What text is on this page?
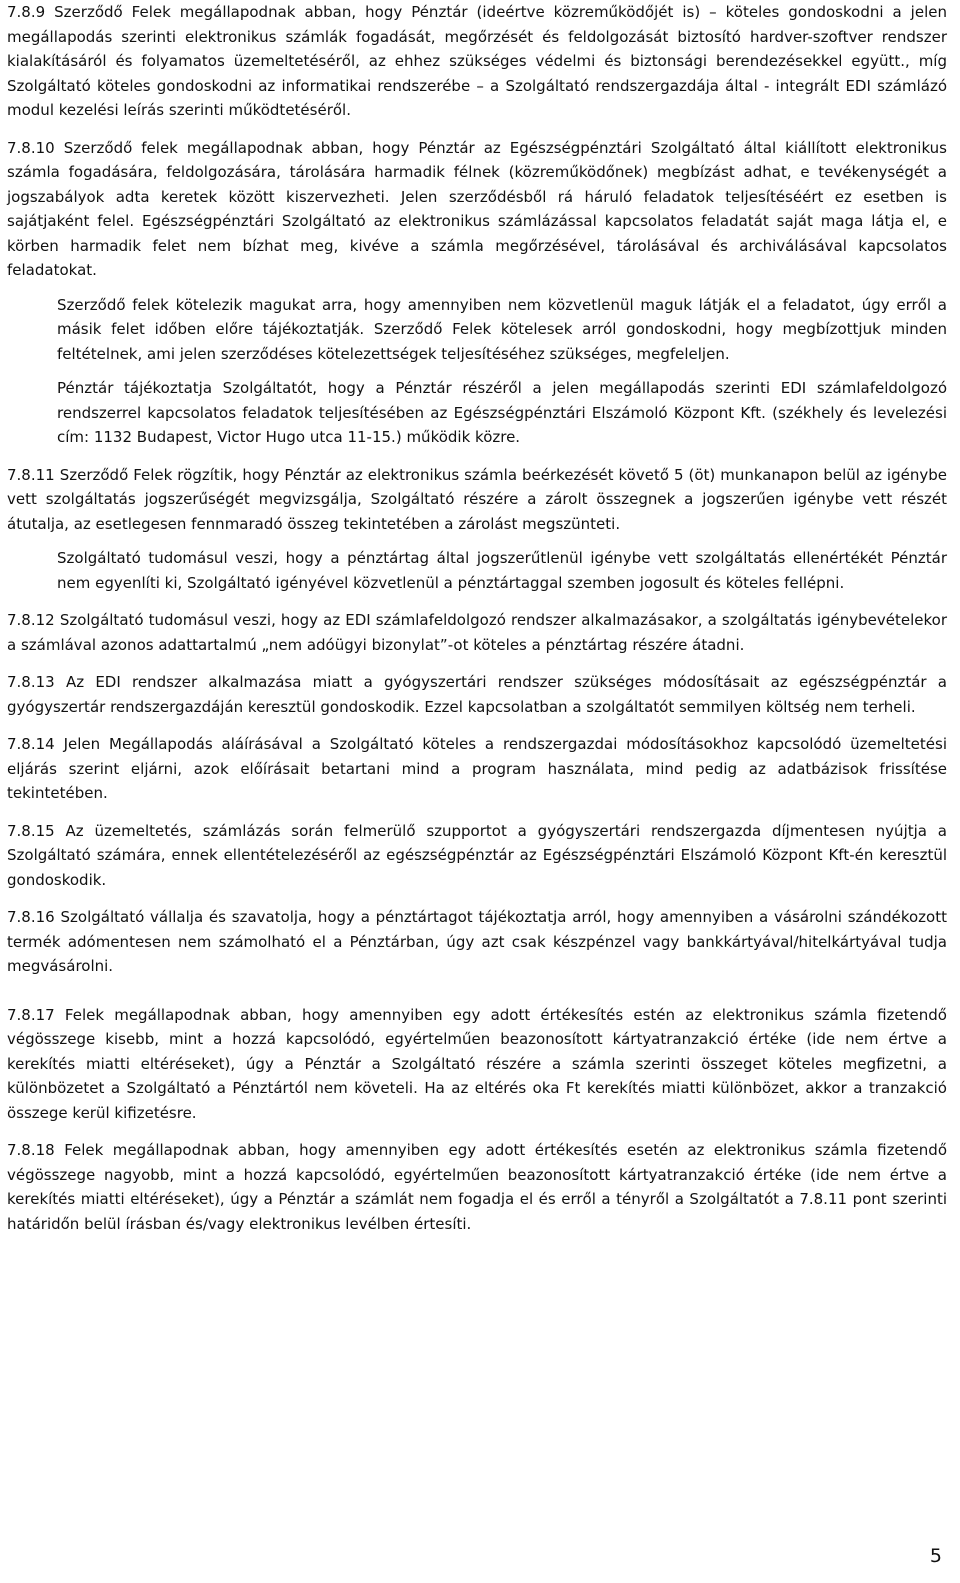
7.8.9 Szerződő Felek megállapodnak abban, hogy Pénztár (ideértve közreműködőjét is) – köteles gondoskodni a jelen megállapodás szerinti elektronikus számlák fogadását, megőrzését és feldolgozását biztosító hardver-szoftver rendszer kialakításáról és folyamatos üzemeltetéséről, az ehhez szükséges védelmi és biztonsági berendezésekkel együtt., míg Szolgáltató köteles gondoskodni az informatikai rendszerébe – a Szolgáltató rendszergazdája által - integrált EDI számlázó modul kezelési leírás szerinti működtetéséről.

7.8.10 Szerződő felek megállapodnak abban, hogy Pénztár az Egészségpénztári Szolgáltató által kiállított elektronikus számla fogadására, feldolgozására, tárolására harmadik félnek (közreműködőnek) megbízást adhat, e tevékenységét a jogszabályok adta keretek között kiszervezheti. Jelen szerződésből rá háruló feladatok teljesítéséért ez esetben is sajátjaként felel. Egészségpénztári Szolgáltató az elektronikus számlázással kapcsolatos feladatát saját maga látja el, e körben harmadik felet nem bízhat meg, kivéve a számla megőrzésével, tárolásával és archiválásával kapcsolatos feladatokat.

Szerződő felek kötelezik magukat arra, hogy amennyiben nem közvetlenül maguk látják el a feladatot, úgy erről a másik felet időben előre tájékoztatják. Szerződő Felek kötelesek arról gondoskodni, hogy megbízottjuk minden feltételnek, ami jelen szerződéses kötelezettségek teljesítéséhez szükséges, megfeleljen.

Pénztár tájékoztatja Szolgáltatót, hogy a Pénztár részéről a jelen megállapodás szerinti EDI számlafeldolgozó rendszerrel kapcsolatos feladatok teljesítésében az Egészségpénztári Elszámoló Központ Kft. (székhely és levelezési cím: 1132 Budapest, Victor Hugo utca 11-15.) működik közre.

7.8.11 Szerződő Felek rögzítik, hogy Pénztár az elektronikus számla beérkezését követő 5 (öt) munkanapon belül az igénybe vett szolgáltatás jogszerűségét megvizsgálja, Szolgáltató részére a zárolt összegnek a jogszerűen igénybe vett részét átutalja, az esetlegesen fennmaradó összeg tekintetében a zárolást megszünteti.

Szolgáltató tudomásul veszi, hogy a pénztártag által jogszerűtlenül igénybe vett szolgáltatás ellenértékét Pénztár nem egyenlíti ki, Szolgáltató igényével közvetlenül a pénztártaggal szemben jogosult és köteles fellépni.

7.8.12 Szolgáltató tudomásul veszi, hogy az EDI számlafeldolgozó rendszer alkalmazásakor, a szolgáltatás igénybevételekor a számlával azonos adattartalmú „nem adóügyi bizonylat”-ot köteles a pénztártag részére átadni.

7.8.13 Az EDI rendszer alkalmazása miatt a gyógyszertári rendszer szükséges módosításait az egészségpénztár a gyógyszertár rendszergazdáján keresztül gondoskodik. Ezzel kapcsolatban a szolgáltatót semmilyen költség nem terheli.

7.8.14 Jelen Megállapodás aláírásával a Szolgáltató köteles a rendszergazdai módosításokhoz kapcsolódó üzemeltetési eljárás szerint eljárni, azok előírásait betartani mind a program használata, mind pedig az adatbázisok frissítése tekintetében.

7.8.15 Az üzemeltetés, számlázás során felmerülő szupportot a gyógyszertári rendszergazda díjmentesen nyújtja a Szolgáltató számára, ennek ellentételezéséről az egészségpénztár az Egészségpénztári Elszámoló Központ Kft-én keresztül gondoskodik.

7.8.16 Szolgáltató vállalja és szavatolja, hogy a pénztártagot tájékoztatja arról, hogy amennyiben a vásárolni szándékozott termék adómentesen nem számolható el a Pénztárban, úgy azt csak készpénzel vagy bankkártyával/hitelkártyával tudja megvásárolni.

7.8.17 Felek megállapodnak abban, hogy amennyiben egy adott értékesítés estén az elektronikus számla fizetendő végösszege kisebb, mint a hozzá kapcsolódó, egyértelműen beazonosított kártyatranzakció értéke (ide nem értve a kerekítés miatti eltéréseket), úgy a Pénztár a Szolgáltató részére a számla szerinti összeget köteles megfizetni, a különbözetet a Szolgáltató a Pénztártól nem követeli. Ha az eltérés oka Ft kerekítés miatti különbözet, akkor a tranzakció összege kerül kifizetésre.

7.8.18 Felek megállapodnak abban, hogy amennyiben egy adott értékesítés esetén az elektronikus számla fizetendő végösszege nagyobb, mint a hozzá kapcsolódó, egyértelműen beazonosított kártyatranzakció értéke (ide nem értve a kerekítés miatti eltéréseket), úgy a Pénztár a számlát nem fogadja el és erről a tényről a Szolgáltatót a 7.8.11 pont szerinti határidőn belül írásban és/vagy elektronikus levélben értesíti.

5
